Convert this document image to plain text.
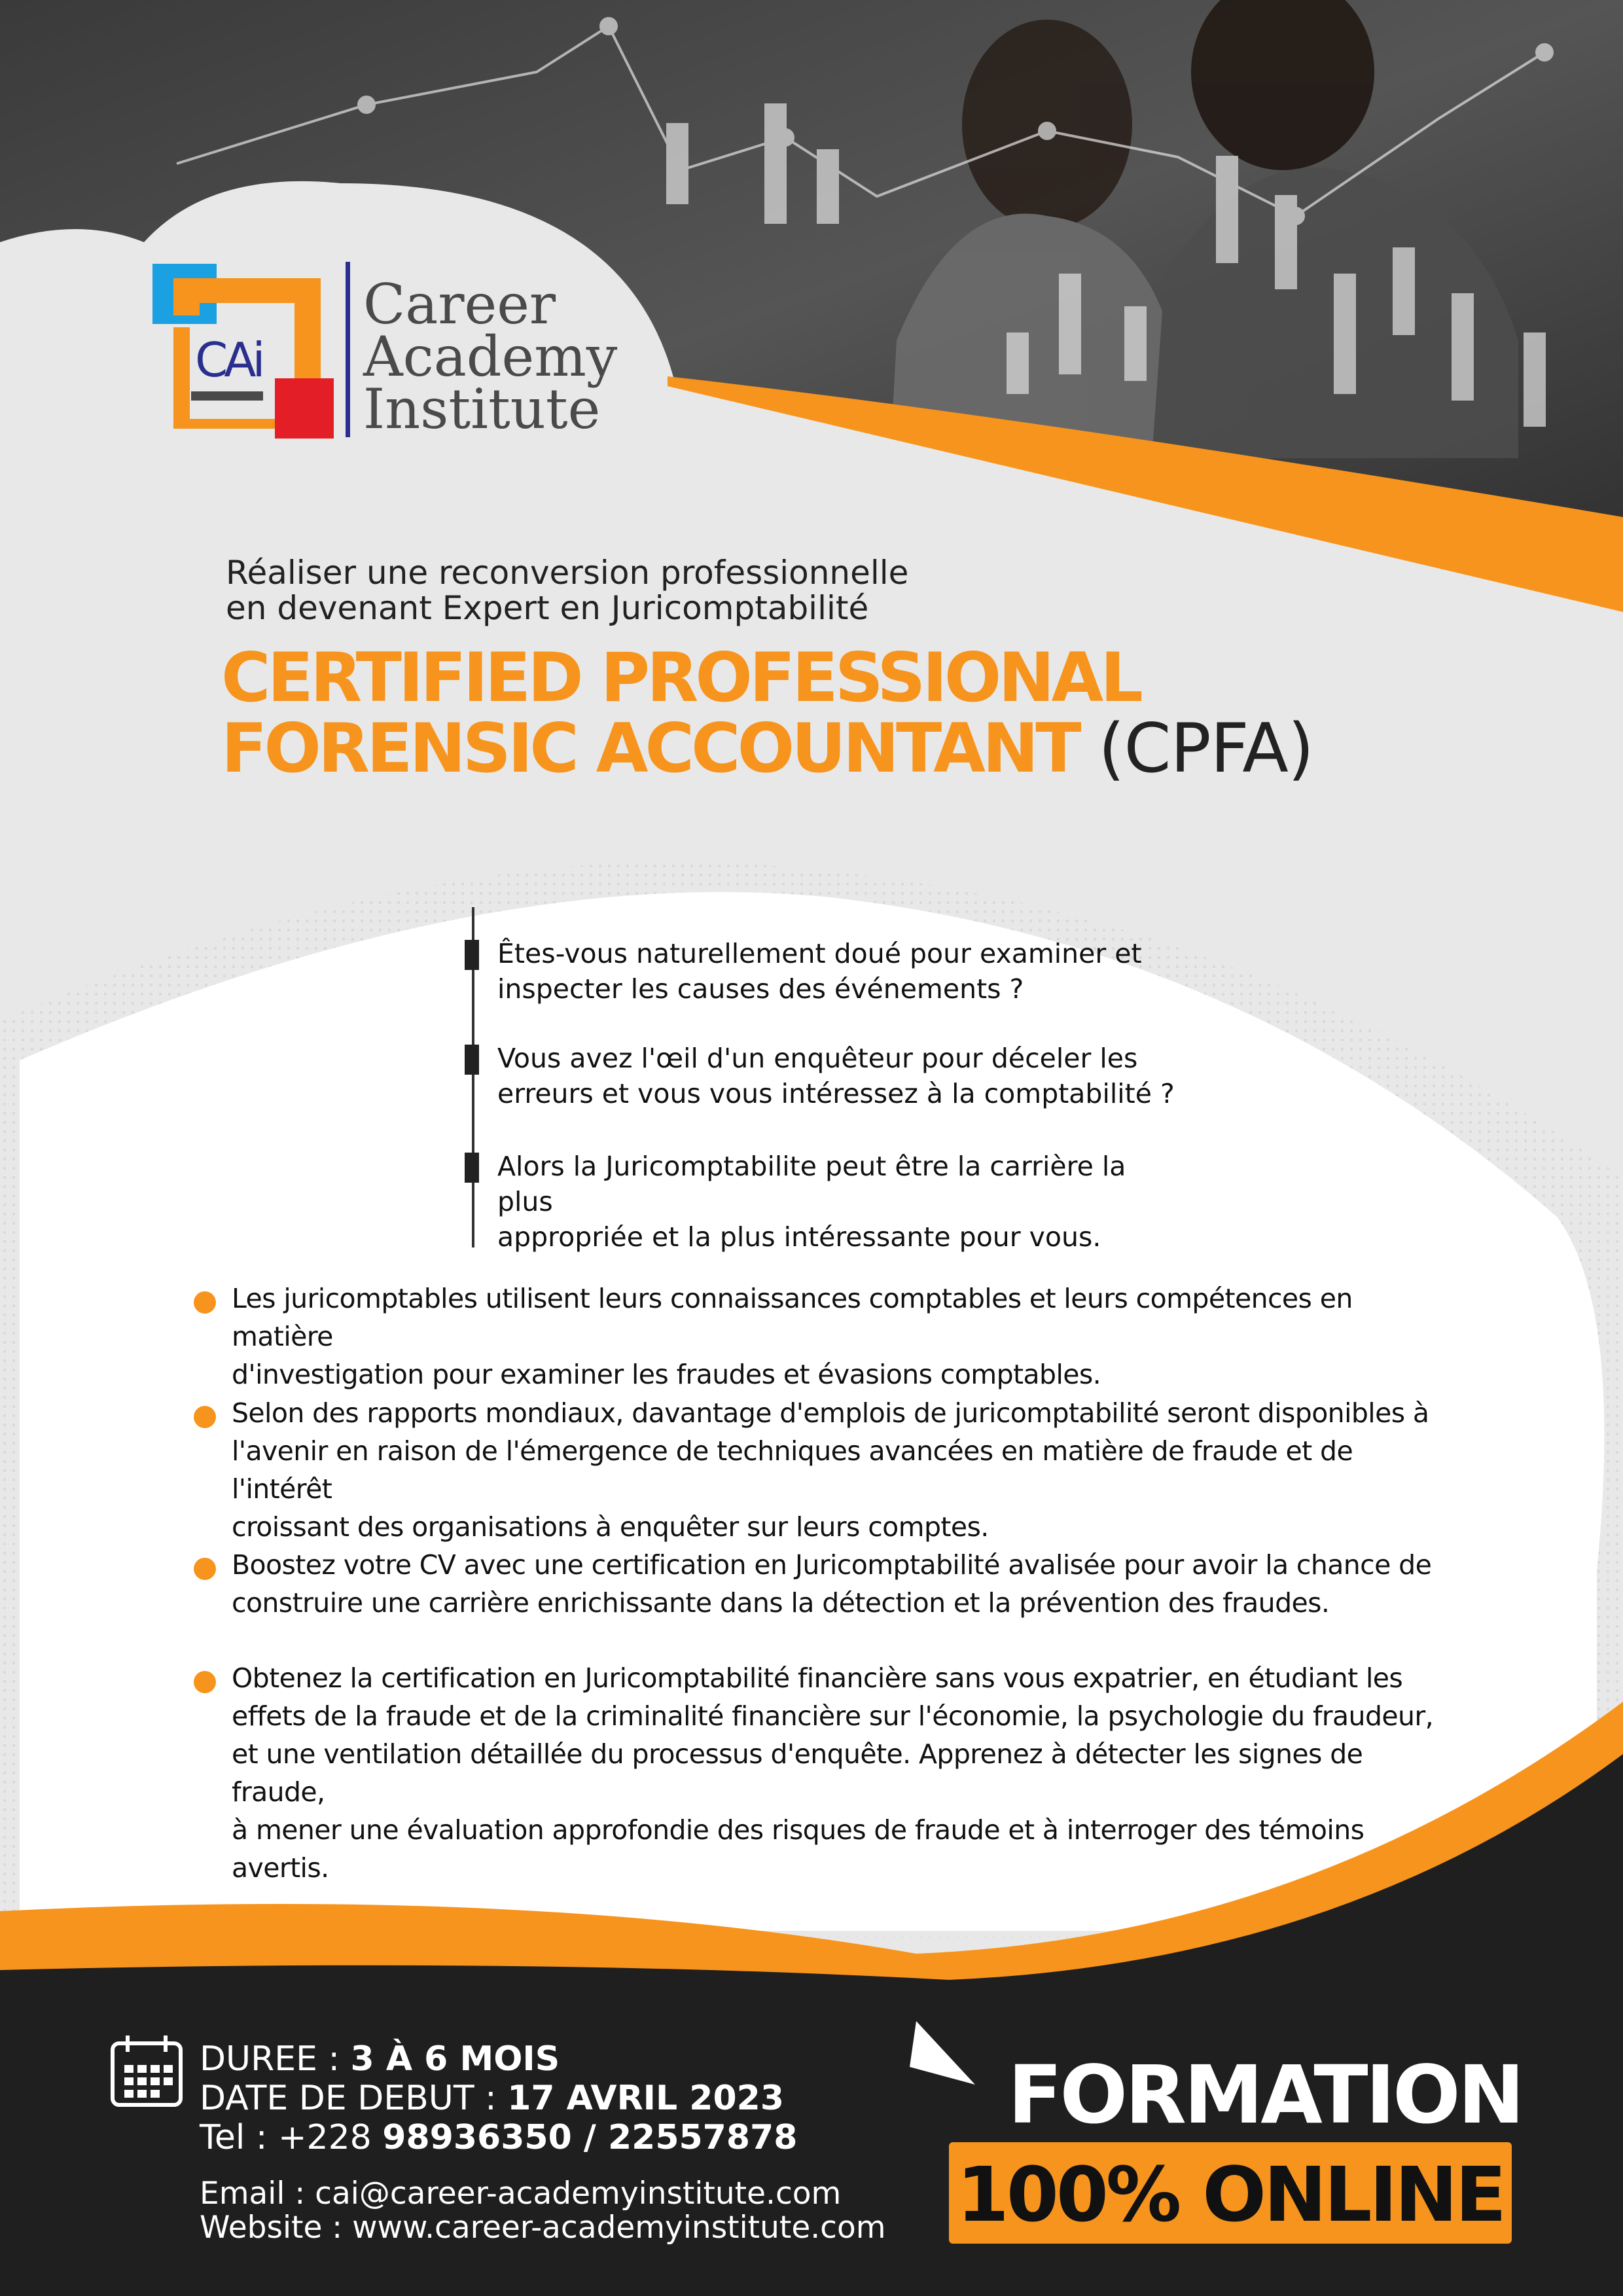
CAi
Career
Academy
Institute
Réaliser une reconversion professionnelle
en devenant Expert en Juricomptabilité
CERTIFIED PROFESSIONAL
FORENSIC ACCOUNTANT (CPFA)
Êtes-vous naturellement doué pour examiner et
inspecter les causes des événements ?
Vous avez l'œil d'un enquêteur pour déceler les
erreurs et vous vous intéressez à la comptabilité ?
Alors la Juricomptabilite peut être la carrière la plus
appropriée et la plus intéressante pour vous.
Les juricomptables utilisent leurs connaissances comptables et leurs compétences en matière
d'investigation pour examiner les fraudes et évasions comptables.
Selon des rapports mondiaux, davantage d'emplois de juricomptabilité seront disponibles à
l'avenir en raison de l'émergence de techniques avancées en matière de fraude et de l'intérêt
croissant des organisations à enquêter sur leurs comptes.
Boostez votre CV avec une certification en Juricomptabilité avalisée pour avoir la chance de
construire une carrière enrichissante dans la détection et la prévention des fraudes.
Obtenez la certification en Juricomptabilité financière sans vous expatrier, en étudiant les
effets de la fraude et de la criminalité financière sur l'économie, la psychologie du fraudeur,
et une ventilation détaillée du processus d'enquête. Apprenez à détecter les signes de fraude,
à mener une évaluation approfondie des risques de fraude et à interroger des témoins avertis.
DUREE : 3 À 6 MOIS
DATE DE DEBUT : 17 AVRIL 2023
Tel : +228 98936350 / 22557878
Email : cai@career-academyinstitute.com
Website : www.career-academyinstitute.com
FORMATION
100% ONLINE
